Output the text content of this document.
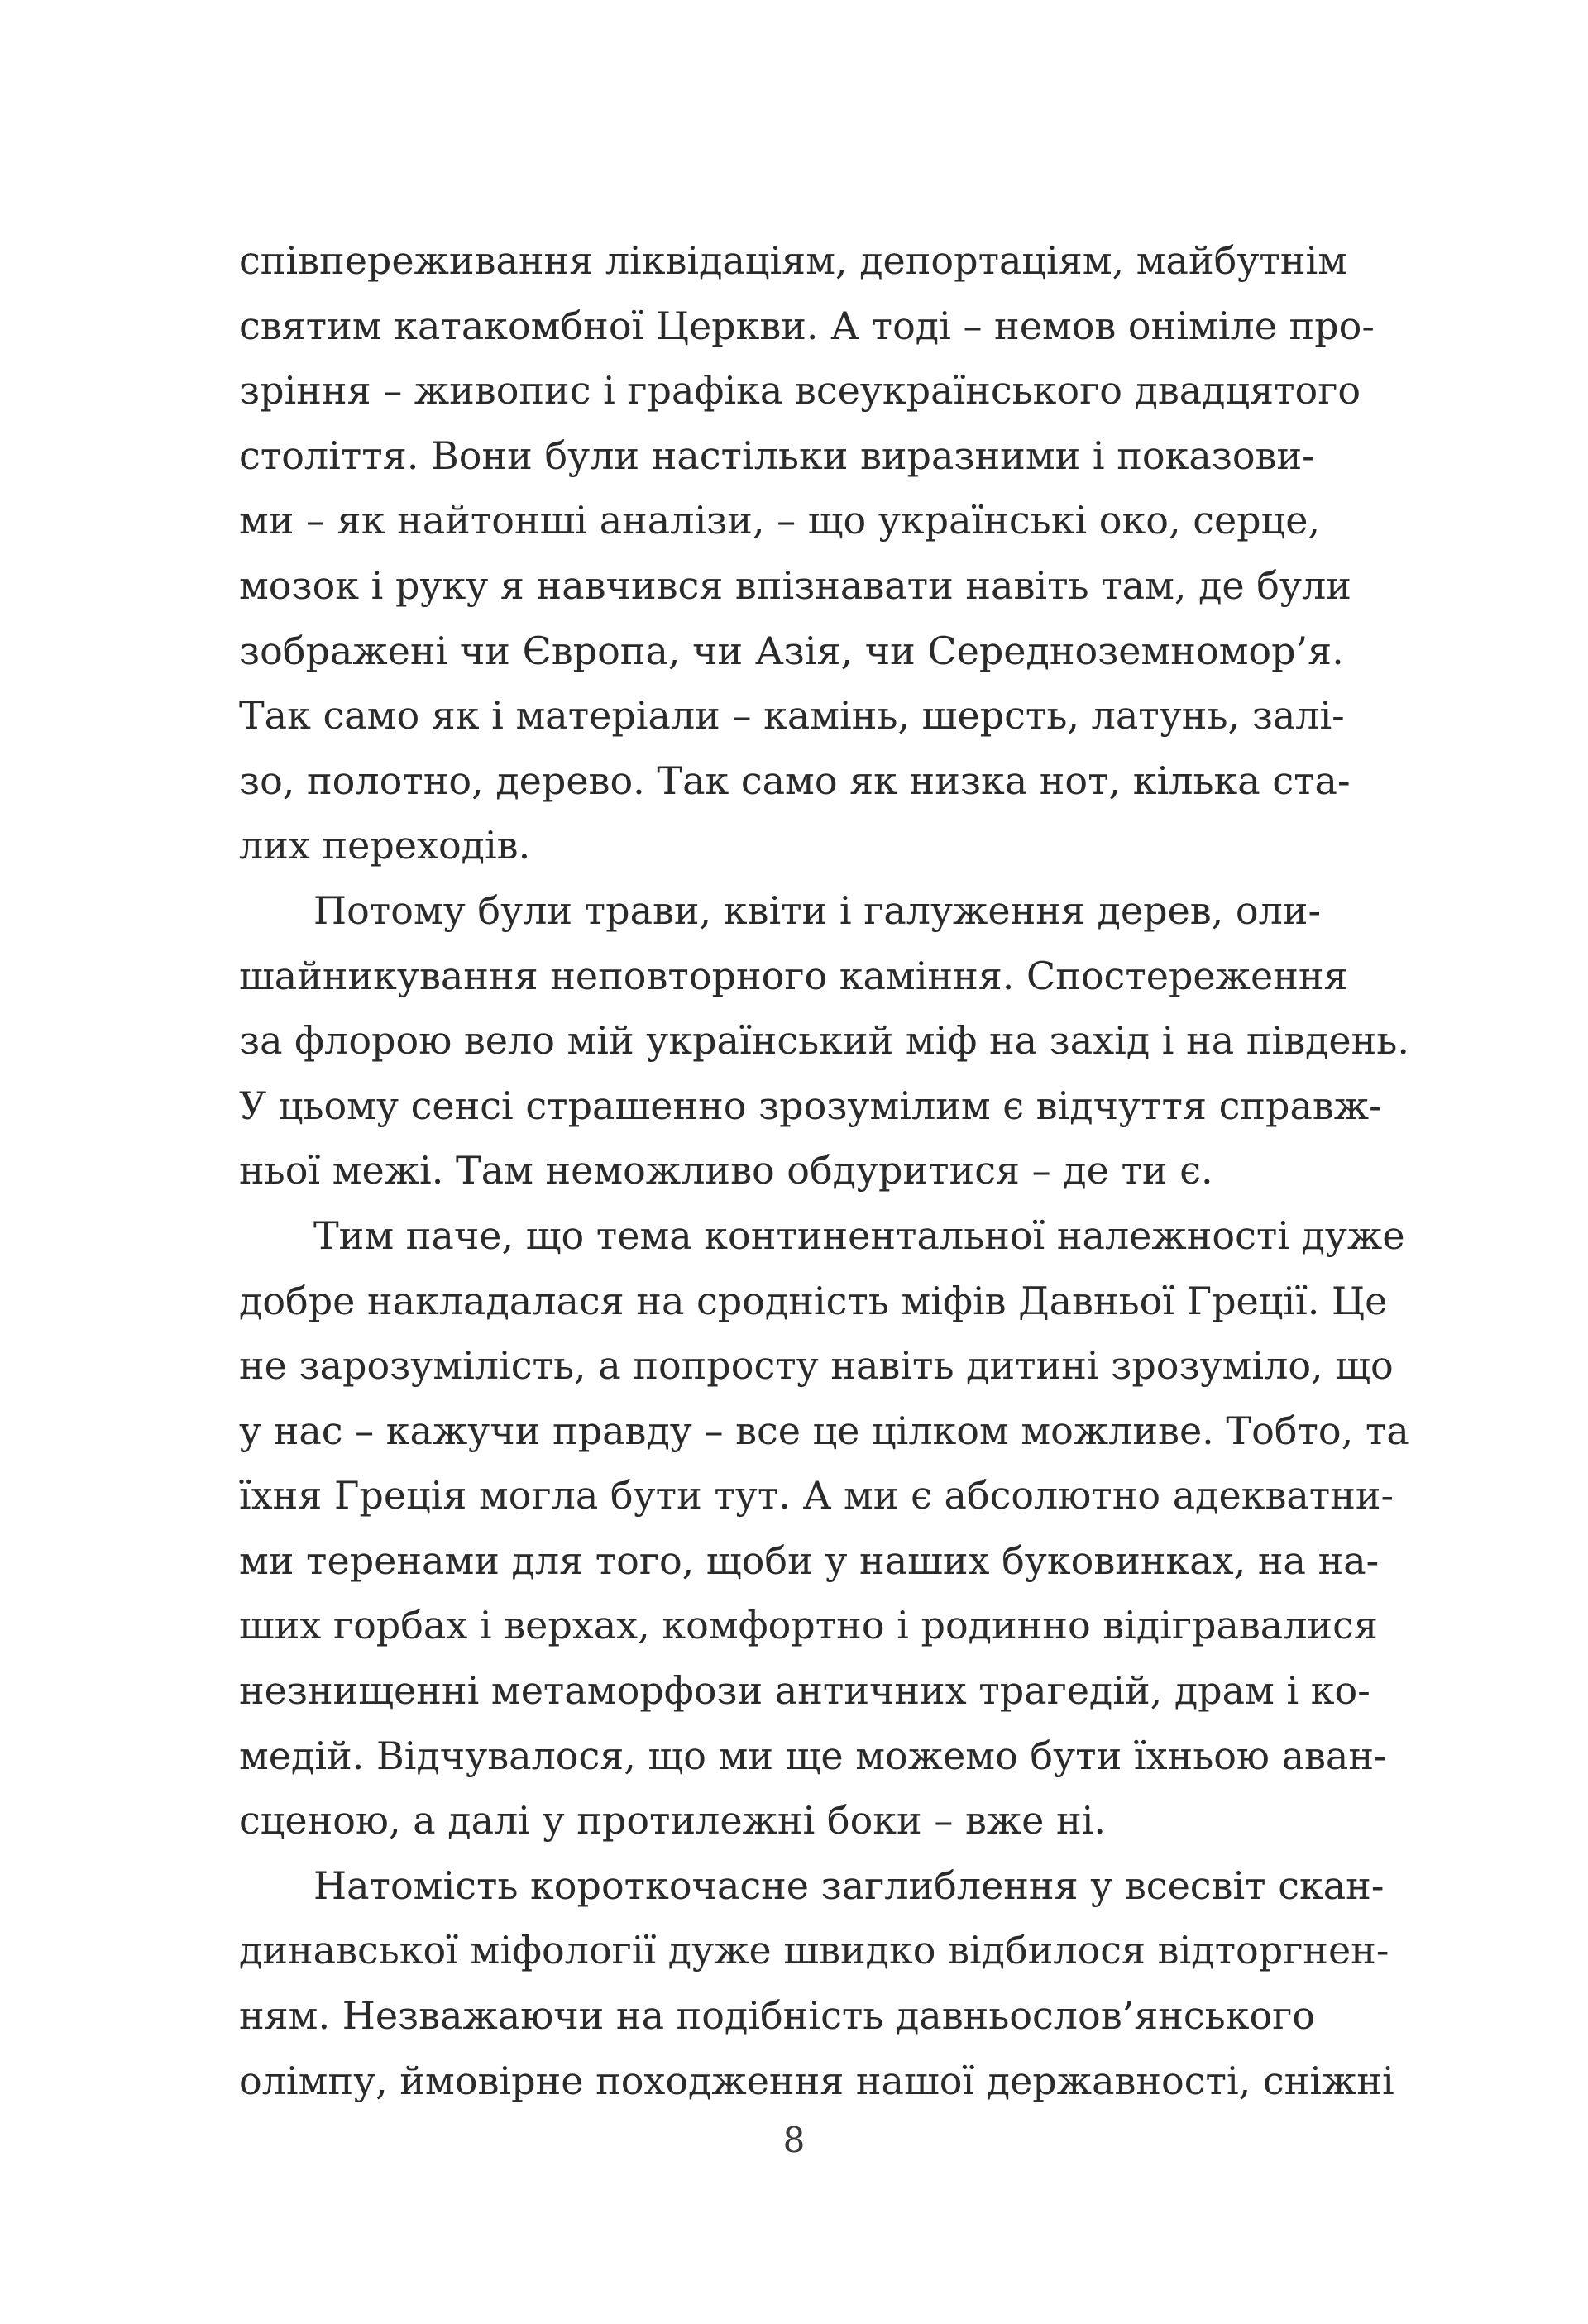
співпереживання ліквідаціям, депортаціям, майбутнім
святим катакомбної Церкви. А тоді – немов оніміле про-
зріння – живопис і графіка всеукраїнського двадцятого
століття. Вони були настільки виразними і показови-
ми – як найтонші аналізи, – що українські око, серце,
мозок і руку я навчився впізнавати навіть там, де були
зображені чи Європа, чи Азія, чи Середноземномор’я.
Так само як і матеріали – камінь, шерсть, латунь, залі-
зо, полотно, дерево. Так само як низка нот, кілька ста-
лих переходів.
Потому були трави, квіти і галуження дерев, оли-
шайникування неповторного каміння. Спостереження
за флорою вело мій український міф на захід і на південь.
У цьому сенсі страшенно зрозумілим є відчуття справж-
ньої межі. Там неможливо обдуритися – де ти є.
Тим паче, що тема континентальної належності дуже
добре накладалася на сродність міфів Давньої Греції. Це
не зарозумілість, а попросту навіть дитині зрозуміло, що
у нас – кажучи правду – все це цілком можливе. Тобто, та
їхня Греція могла бути тут. А ми є абсолютно адекватни-
ми теренами для того, щоби у наших буковинках, на на-
ших горбах і верхах, комфортно і родинно відігравалися
незнищенні метаморфози античних трагедій, драм і ко-
медій. Відчувалося, що ми ще можемо бути їхньою аван-
сценою, а далі у протилежні боки – вже ні.
Натомість короткочасне заглиблення у всесвіт скан-
динавської міфології дуже швидко відбилося відторгнен-
ням. Незважаючи на подібність давньослов’янського
олімпу, ймовірне походження нашої державності, сніжні
8
